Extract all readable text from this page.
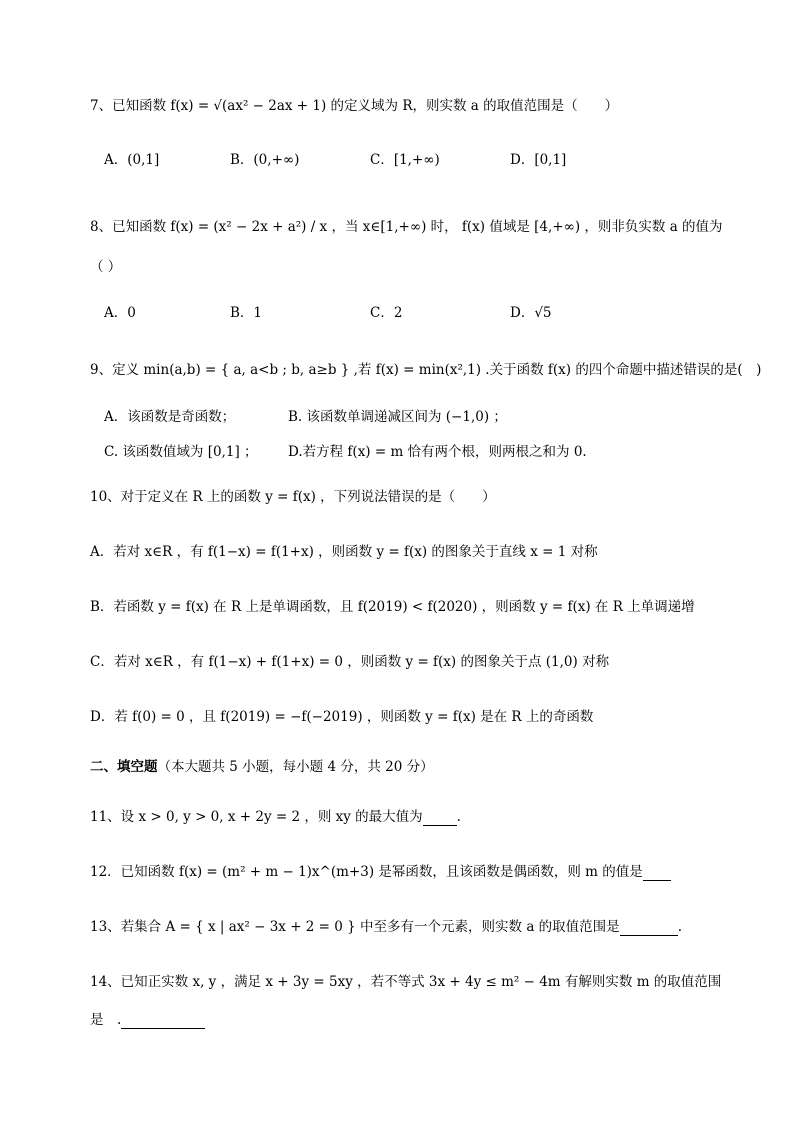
7、已知函数 f(x) = √(ax² − 2ax + 1) 的定义域为 R，则实数 a 的取值范围是（　　）
A．(0,1]	B．(0,+∞)	C．[1,+∞)	D．[0,1]
8、已知函数 f(x) = (x² − 2x + a²) / x ，当 x∈[1,+∞) 时， f(x) 值域是 [4,+∞) ，则非负实数 a 的值为
（ ）
A．0	B．1	C．2	D．√5
9、定义 min(a,b) = { a, a<b ; b, a≥b } ,若 f(x) = min(x²,1) .关于函数 f(x) 的四个命题中描述错误的是(　)
A．该函数是奇函数；	B. 该函数单调递减区间为 (−1,0) ；
C. 该函数值域为 [0,1] ； D.若方程 f(x) = m 恰有两个根，则两根之和为 0.
10、对于定义在 R 上的函数 y = f(x) ，下列说法错误的是（　　）
A．若对 x∈R ，有 f(1−x) = f(1+x) ，则函数 y = f(x) 的图象关于直线 x = 1 对称
B．若函数 y = f(x) 在 R 上是单调函数，且 f(2019) < f(2020) ，则函数 y = f(x) 在 R 上单调递增
C．若对 x∈R ，有 f(1−x) + f(1+x) = 0 ，则函数 y = f(x) 的图象关于点 (1,0) 对称
D．若 f(0) = 0 ，且 f(2019) = −f(−2019) ，则函数 y = f(x) 是在 R 上的奇函数
二、填空题（本大题共 5 小题，每小题 4 分，共 20 分）
11、设 x > 0, y > 0, x + 2y = 2 ，则 xy 的最大值为	.
12．已知函数 f(x) = (m² + m − 1)x^(m+3) 是幂函数，且该函数是偶函数，则 m 的值是
13、若集合 A = { x | ax² − 3x + 2 = 0 } 中至多有一个元素，则实数 a 的取值范围是	.
14、已知正实数 x, y ，满足 x + 3y = 5xy ，若不等式 3x + 4y ≤ m² − 4m 有解则实数 m 的取值范围
是　.
